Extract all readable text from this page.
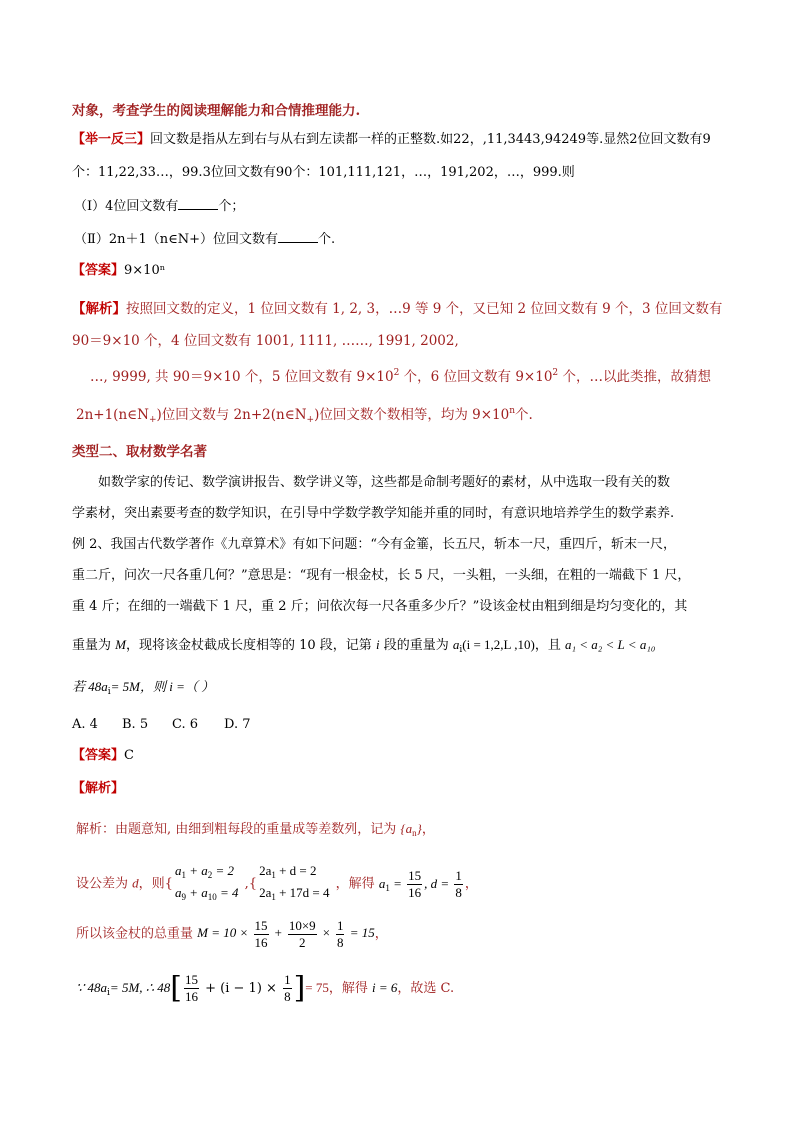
对象，考查学生的阅读理解能力和合情推理能力.
【举一反三】回文数是指从左到右与从右到左读都一样的正整数.如22，,11,3443,94249等.显然2位回文数有9
个：11,22,33…，99.3位回文数有90个：101,111,121，…，191,202，…，999.则
（Ⅰ）4位回文数有	个；
（Ⅱ）2n＋1（n∈N+）位回文数有	个.
【答案】9×10ⁿ
【解析】按照回文数的定义，1 位回文数有 1, 2, 3，…9 等 9 个，又已知 2 位回文数有 9 个，3 位回文数有
90＝9×10 个，4 位回文数有 1001, 1111, ……, 1991, 2002,
…, 9999, 共 90＝9×10 个，5 位回文数有 $9\times 10^2$ 个，6 位回文数有 $9\times 10^2$ 个，…以此类推，故猜想
$2n+1(n\in N_+)$位回文数与 $2n+2(n\in N_+)$位回文数个数相等，均为 $9\times 10^n$个.
类型二、取材数学名著
如数学家的传记、数学演讲报告、数学讲义等，这些都是命制考题好的素材，从中选取一段有关的数
学素材，突出素要考查的数学知识，在引导中学数学教学知能并重的同时，有意识地培养学生的数学素养.
例 2、我国古代数学著作《九章算术》有如下问题：“今有金箠，长五尺，斩本一尺，重四斤，斩末一尺，
重二斤，问次一尺各重几何？”意思是：“现有一根金杖，长 5 尺，一头粗，一头细，在粗的一端截下 1 尺，
重 4 斤；在细的一端截下 1 尺，重 2 斤；问依次每一尺各重多少斤？”设该金杖由粗到细是均匀变化的，其
重量为 M，现将该金杖截成长度相等的 10 段，记第 i 段的重量为 $a_i(i = 1,2,L$ ,10)，且 a₁ < a₂ < L < a₁₀
若 $48a_i= 5M$，则 i =（ ）
A. 4 B. 5 C. 6 D. 7
【答案】C
【解析】
解析：由题意知, 由细到粗每段的重量成等差数列，记为 $\{a_n\}$，
设公差为 d，则{
$a_1 + a_2 = 2$
$a_9 + a_{10} = 4$
,{
$2a_1 + d = 2$
$2a_1 + 17d = 4$
，解得 $a_1 = \frac{15}{16}$ , $d = \frac{1}{8}$ ，
所以该金杖的总重量 $M = 10 \times \frac{15}{16} + \frac{10\times 9}{2} \times \frac{1}{8} = 15$，
∵ $48a_i= 5M$, ∴ $48[ \frac{15}{16} + (i - 1) \times \frac{1}{8}$ ]= 75，解得 i = 6，故选 C.
